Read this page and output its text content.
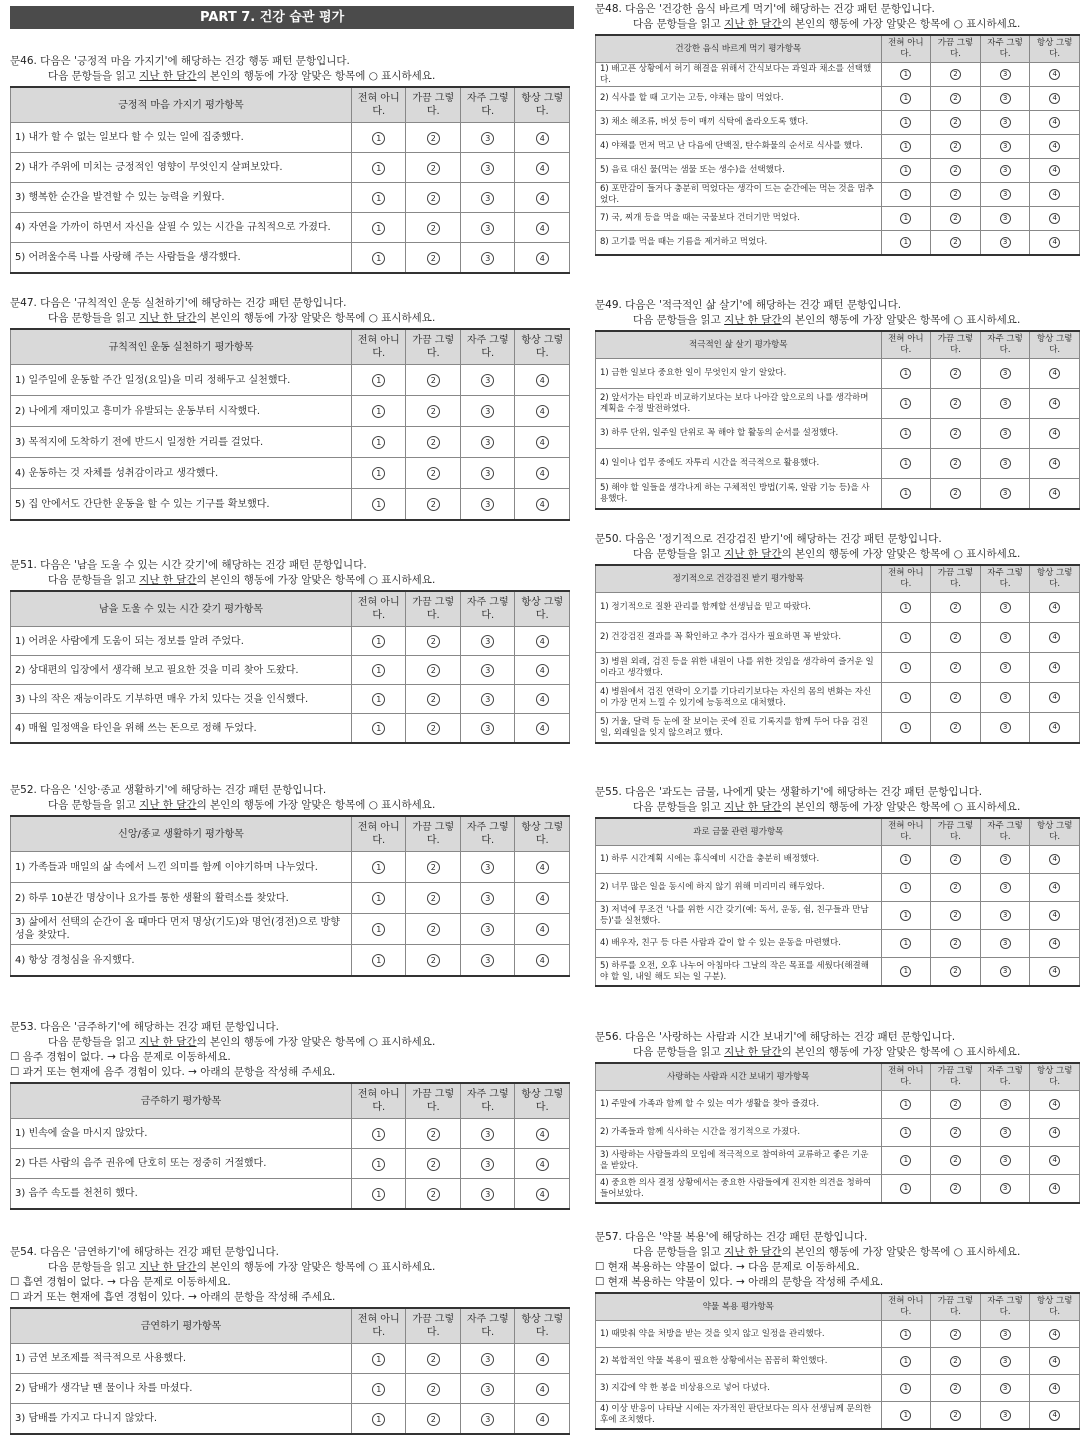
PART 7. 건강 습관 평가
문46. 다음은 '긍정적 마음 가지기'에 해당하는 건강 행동 패턴 문항입니다.
다음 문항들을 읽고 지난 한 달간의 본인의 행동에 가장 알맞은 항목에 ○ 표시하세요.
긍정적 마음 가지기 평가항목	전혀 아니다.	가끔 그렇다.	자주 그렇다.	항상 그렇다.
1) 내가 할 수 없는 일보다 할 수 있는 일에 집중했다.	1	2	3	4
2) 내가 주위에 미치는 긍정적인 영향이 무엇인지 살펴보았다.	1	2	3	4
3) 행복한 순간을 발견할 수 있는 능력을 키웠다.	1	2	3	4
4) 자연을 가까이 하면서 자신을 살필 수 있는 시간을 규칙적으로 가졌다.	1	2	3	4
5) 어려울수록 나를 사랑해 주는 사람들을 생각했다.	1	2	3	4
문47. 다음은 '규칙적인 운동 실천하기'에 해당하는 건강 패턴 문항입니다.
다음 문항들을 읽고 지난 한 달간의 본인의 행동에 가장 알맞은 항목에 ○ 표시하세요.
규칙적인 운동 실천하기 평가항목	전혀 아니다.	가끔 그렇다.	자주 그렇다.	항상 그렇다.
1) 일주일에 운동할 주간 일정(요일)을 미리 정해두고 실천했다.	1	2	3	4
2) 나에게 재미있고 흥미가 유발되는 운동부터 시작했다.	1	2	3	4
3) 목적지에 도착하기 전에 반드시 일정한 거리를 걸었다.	1	2	3	4
4) 운동하는 것 자체를 성취감이라고 생각했다.	1	2	3	4
5) 집 안에서도 간단한 운동을 할 수 있는 기구를 확보했다.	1	2	3	4
문51. 다음은 '남을 도울 수 있는 시간 갖기'에 해당하는 건강 패턴 문항입니다.
다음 문항들을 읽고 지난 한 달간의 본인의 행동에 가장 알맞은 항목에 ○ 표시하세요.
남을 도울 수 있는 시간 갖기 평가항목	전혀 아니다.	가끔 그렇다.	자주 그렇다.	항상 그렇다.
1) 어려운 사람에게 도움이 되는 정보를 알려 주었다.	1	2	3	4
2) 상대편의 입장에서 생각해 보고 필요한 것을 미리 찾아 도왔다.	1	2	3	4
3) 나의 작은 재능이라도 기부하면 매우 가치 있다는 것을 인식했다.	1	2	3	4
4) 매월 일정액을 타인을 위해 쓰는 돈으로 정해 두었다.	1	2	3	4
문52. 다음은 '신앙·종교 생활하기'에 해당하는 건강 패턴 문항입니다.
다음 문항들을 읽고 지난 한 달간의 본인의 행동에 가장 알맞은 항목에 ○ 표시하세요.
신앙/종교 생활하기 평가항목	전혀 아니다.	가끔 그렇다.	자주 그렇다.	항상 그렇다.
1) 가족들과 매일의 삶 속에서 느낀 의미를 함께 이야기하며 나누었다.	1	2	3	4
2) 하루 10분간 명상이나 요가를 통한 생활의 활력소를 찾았다.	1	2	3	4
3) 삶에서 선택의 순간이 올 때마다 먼저 명상(기도)와 명언(경전)으로 방향성을 찾았다.	1	2	3	4
4) 항상 경청심을 유지했다.	1	2	3	4
문53. 다음은 '금주하기'에 해당하는 건강 패턴 문항입니다.
다음 문항들을 읽고 지난 한 달간의 본인의 행동에 가장 알맞은 항목에 ○ 표시하세요.
☐ 음주 경험이 없다. → 다음 문제로 이동하세요.
☐ 과거 또는 현재에 음주 경험이 있다. → 아래의 문항을 작성해 주세요.
금주하기 평가항목	전혀 아니다.	가끔 그렇다.	자주 그렇다.	항상 그렇다.
1) 빈속에 술을 마시지 않았다.	1	2	3	4
2) 다른 사람의 음주 권유에 단호히 또는 정중히 거절했다.	1	2	3	4
3) 음주 속도를 천천히 했다.	1	2	3	4
문54. 다음은 '금연하기'에 해당하는 건강 패턴 문항입니다.
다음 문항들을 읽고 지난 한 달간의 본인의 행동에 가장 알맞은 항목에 ○ 표시하세요.
☐ 흡연 경험이 없다. → 다음 문제로 이동하세요.
☐ 과거 또는 현재에 흡연 경험이 있다. → 아래의 문항을 작성해 주세요.
금연하기 평가항목	전혀 아니다.	가끔 그렇다.	자주 그렇다.	항상 그렇다.
1) 금연 보조제를 적극적으로 사용했다.	1	2	3	4
2) 담배가 생각날 땐 물이나 차를 마셨다.	1	2	3	4
3) 담배를 가지고 다니지 않았다.	1	2	3	4
문48. 다음은 '건강한 음식 바르게 먹기'에 해당하는 건강 패턴 문항입니다.
다음 문항들을 읽고 지난 한 달간의 본인의 행동에 가장 알맞은 항목에 ○ 표시하세요.
건강한 음식 바르게 먹기 평가항목	전혀 아니다.	가끔 그렇다.	자주 그렇다.	항상 그렇다.
1) 배고픈 상황에서 허기 해결을 위해서 간식보다는 과일과 채소를 선택했다.	1	2	3	4
2) 식사를 할 때 고기는 고등, 야채는 많이 먹었다.	1	2	3	4
3) 채소 해조류, 버섯 등이 매끼 식탁에 올라오도록 했다.	1	2	3	4
4) 야채를 먼저 먹고 난 다음에 단백질, 탄수화물의 순서로 식사를 했다.	1	2	3	4
5) 음료 대신 물(먹는 샘물 또는 생수)을 선택했다.	1	2	3	4
6) 포만감이 들거나 충분히 먹었다는 생각이 드는 순간에는 먹는 것을 멈추었다.	1	2	3	4
7) 국, 찌개 등을 먹을 때는 국물보다 건더기만 먹었다.	1	2	3	4
8) 고기를 먹을 때는 기름을 제거하고 먹었다.	1	2	3	4
문49. 다음은 '적극적인 삶 살기'에 해당하는 건강 패턴 문항입니다.
다음 문항들을 읽고 지난 한 달간의 본인의 행동에 가장 알맞은 항목에 ○ 표시하세요.
적극적인 삶 살기 평가항목	전혀 아니다.	가끔 그렇다.	자주 그렇다.	항상 그렇다.
1) 금한 일보다 중요한 일이 무엇인지 알기 알았다.	1	2	3	4
2) 앞서가는 타인과 비교하기보다는 보다 나아갈 앞으로의 나를 생각하며 계획을 수정 발전하였다.	1	2	3	4
3) 하루 단위, 일주일 단위로 꼭 해야 할 활동의 순서를 설정했다.	1	2	3	4
4) 일이나 업무 중에도 자투리 시간을 적극적으로 활용했다.	1	2	3	4
5) 해야 할 일들을 생각나게 하는 구체적인 방법(기록, 알람 기능 등)을 사용했다.	1	2	3	4
문50. 다음은 '정기적으로 건강검진 받기'에 해당하는 건강 패턴 문항입니다.
다음 문항들을 읽고 지난 한 달간의 본인의 행동에 가장 알맞은 항목에 ○ 표시하세요.
정기적으로 건강검진 받기 평가항목	전혀 아니다.	가끔 그렇다.	자주 그렇다.	항상 그렇다.
1) 정기적으로 질환 관리를 함께할 선생님을 믿고 따랐다.	1	2	3	4
2) 건강검진 결과를 꼭 확인하고 추가 검사가 필요하면 꼭 받았다.	1	2	3	4
3) 병원 외래, 검진 등을 위한 내원이 나를 위한 것임을 생각하여 즐거운 일이라고 생각했다.	1	2	3	4
4) 병원에서 검진 연락이 오기를 기다리기보다는 자신의 몸의 변화는 자신이 가장 먼저 느낄 수 있기에 능동적으로 대처했다.	1	2	3	4
5) 거울, 달력 등 눈에 잘 보이는 곳에 진료 기록지를 함께 두어 다음 검진일, 외래일을 잊지 않으려고 했다.	1	2	3	4
문55. 다음은 '과도는 금물, 나에게 맞는 생활하기'에 해당하는 건강 패턴 문항입니다.
다음 문항들을 읽고 지난 한 달간의 본인의 행동에 가장 알맞은 항목에 ○ 표시하세요.
과로 금물 관련 평가항목	전혀 아니다.	가끔 그렇다.	자주 그렇다.	항상 그렇다.
1) 하루 시간계획 시에는 휴식예비 시간을 충분히 배정했다.	1	2	3	4
2) 너무 많은 일을 동시에 하지 않기 위해 미리미리 해두었다.	1	2	3	4
3) 저녁에 무조건 '나를 위한 시간 갖기(예: 독서, 운동, 쉼, 친구들과 만남 등)'를 실천했다.	1	2	3	4
4) 배우자, 친구 등 다른 사람과 같이 할 수 있는 운동을 마련했다.	1	2	3	4
5) 하루를 오전, 오후 나누어 아침마다 그날의 작은 목표를 세웠다(해결해야 할 일, 내일 해도 되는 일 구분).	1	2	3	4
문56. 다음은 '사랑하는 사람과 시간 보내기'에 해당하는 건강 패턴 문항입니다.
다음 문항들을 읽고 지난 한 달간의 본인의 행동에 가장 알맞은 항목에 ○ 표시하세요.
사랑하는 사람과 시간 보내기 평가항목	전혀 아니다.	가끔 그렇다.	자주 그렇다.	항상 그렇다.
1) 주말에 가족과 함께 할 수 있는 여가 생활을 찾아 즐겼다.	1	2	3	4
2) 가족들과 함께 식사하는 시간을 정기적으로 가졌다.	1	2	3	4
3) 사랑하는 사람들과의 모임에 적극적으로 참여하여 교류하고 좋은 기운을 받았다.	1	2	3	4
4) 중요한 의사 결정 상황에서는 중요한 사람들에게 진지한 의견을 청하여 들어보았다.	1	2	3	4
문57. 다음은 '약물 복용'에 해당하는 건강 패턴 문항입니다.
다음 문항들을 읽고 지난 한 달간의 본인의 행동에 가장 알맞은 항목에 ○ 표시하세요.
☐ 현재 복용하는 약물이 없다. → 다음 문제로 이동하세요.
☐ 현재 복용하는 약물이 있다. → 아래의 문항을 작성해 주세요.
약물 복용 평가항목	전혀 아니다.	가끔 그렇다.	자주 그렇다.	항상 그렇다.
1) 때맞춰 약을 처방을 받는 것을 잊지 않고 일정을 관리했다.	1	2	3	4
2) 복합적인 약물 복용이 필요한 상황에서는 꼼꼼히 확인했다.	1	2	3	4
3) 지갑에 약 한 봉을 비상용으로 넣어 다녔다.	1	2	3	4
4) 이상 반응이 나타날 시에는 자가적인 판단보다는 의사 선생님께 문의한 후에 조치했다.	1	2	3	4
